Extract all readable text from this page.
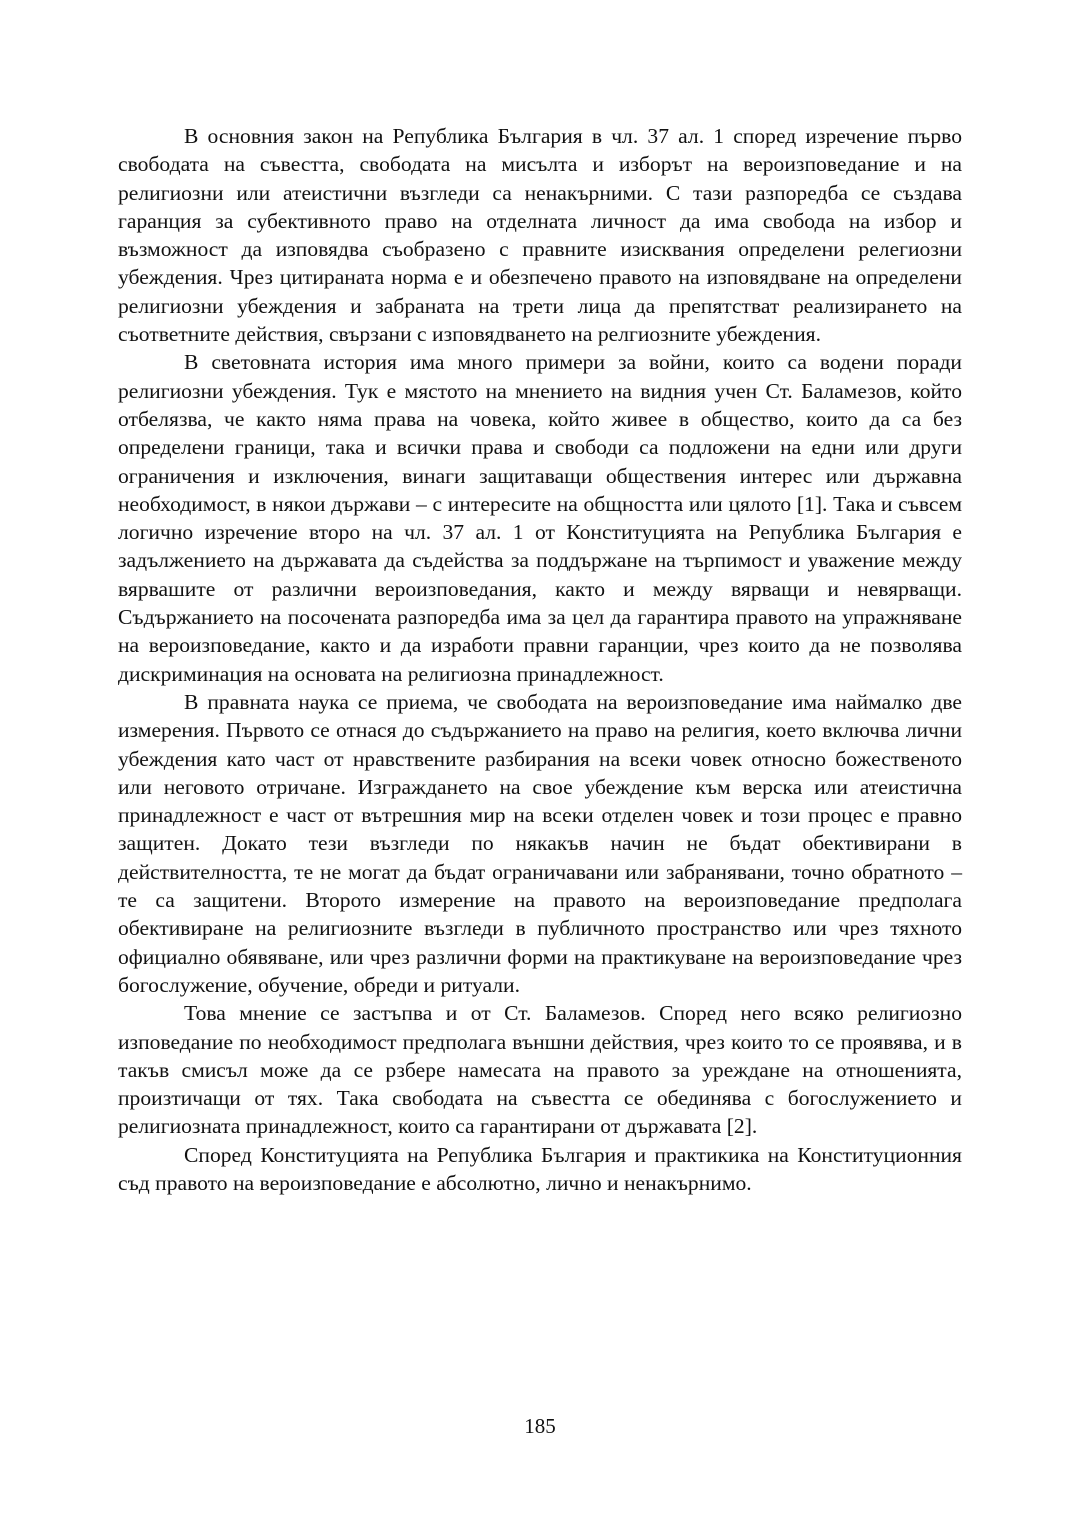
В основния закон на Република България в чл. 37 ал. 1 според изречение първо свободата на съвестта, свободата на мисълта и изборът на вероизповедание и на религиозни или атеистични възгледи са ненакърними. С тази разпоредба се създава гаранция за субективното право на отделната личност да има свобода на избор и възможност да изповядва съобразено с правните изисквания определени релегиозни убеждения. Чрез цитираната норма е и обезпечено правото на изповядване на определени религиозни убеждения и забраната на трети лица да препятстват реализирането на съответните действия, свързани с изповядването на релгиозните убеждения.

В световната история има много примери за войни, които са водени поради религиозни убеждения. Тук е мястото на мнението на видния учен Ст. Баламезов, който отбелязва, че както няма права на човека, който живее в общество, които да са без определени граници, така и всички права и свободи са подложени на едни или други ограничения и изключения, винаги защитаващи обществения интерес или държавна необходимост, в някои държави – с интересите на общността или цялото [1]. Така и съвсем логично изречение второ на чл. 37 ал. 1 от Конституцията на Република България е задължението на държавата да съдейства за поддържане на търпимост и уважение между вярвашите от различни вероизповедания, както и между вярващи и невярващи. Съдържанието на посочената разпоредба има за цел да гарантира правото на упражняване на вероизповедание, както и да изработи правни гаранции, чрез които да не позволява дискриминация на основата на религиозна принадлежност.

В правната наука се приема, че свободата на вероизповедание има наймалко две измерения. Първото се отнася до съдържанието на право на религия, което включва лични убеждения като част от нравствените разбирания на всеки човек относно божественото или неговото отричане. Изграждането на свое убеждение към верска или атеистична принадлежност е част от вътрешния мир на всеки отделен човек и този процес е правно защитен. Докато тези възгледи по някакъв начин не бъдат обективирани в действителността, те не могат да бъдат ограничавани или забранявани, точно обратното – те са защитени. Второто измерение на правото на вероизповедание предполага обективиране на религиозните възгледи в публичното пространство или чрез тяхното официално обявяване, или чрез различни форми на практикуване на вероизповедание чрез богослужение, обучение, обреди и ритуали.

Това мнение се застъпва и от Ст. Баламезов. Според него всяко религиозно изповедание по необходимост предполага външни действия, чрез които то се проявява, и в такъв смисъл може да се рзбере намесата на правото за уреждане на отношенията, произтичащи от тях. Така свободата на съвестта се обединява с богослужението и религиозната принадлежност, които са гарантирани от държавата [2].

Според Конституцията на Република България и практикика на Конституционния съд правото на вероизповедание е абсолютно, лично и ненакърнимо.

185
